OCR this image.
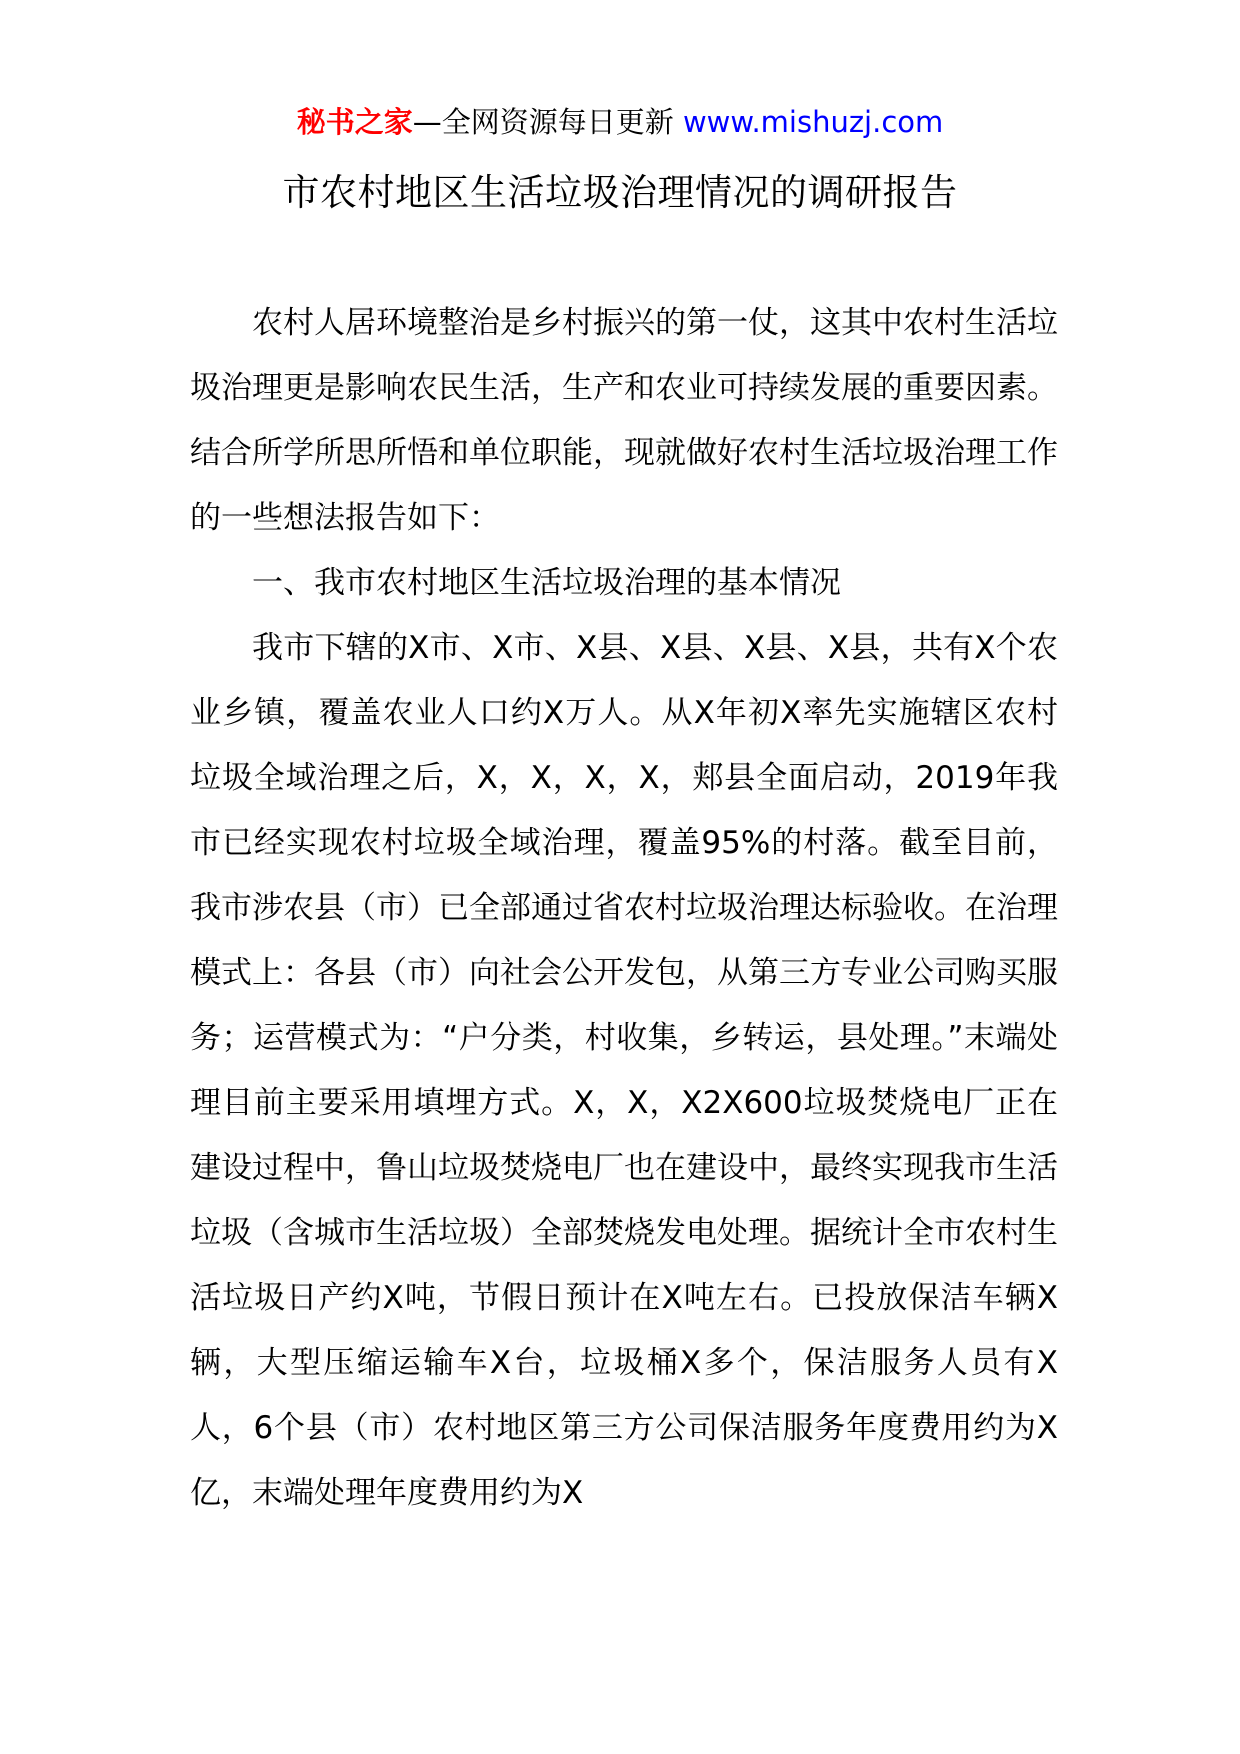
秘书之家—全网资源每日更新 www.mishuzj.com
市农村地区生活垃圾治理情况的调研报告

农村人居环境整治是乡村振兴的第一仗，这其中农村生活垃圾治理更是影响农民生活，生产和农业可持续发展的重要因素。结合所学所思所悟和单位职能，现就做好农村生活垃圾治理工作的一些想法报告如下：

一、我市农村地区生活垃圾治理的基本情况

我市下辖的X市、X市、X县、X县、X县、X县，共有X个农业乡镇，覆盖农业人口约X万人。从X年初X率先实施辖区农村垃圾全域治理之后，X，X，X，X，郏县全面启动，2019年我市已经实现农村垃圾全域治理，覆盖95%的村落。截至目前，我市涉农县（市）已全部通过省农村垃圾治理达标验收。在治理模式上：各县（市）向社会公开发包，从第三方专业公司购买服务；运营模式为：“户分类，村收集，乡转运，县处理。”末端处理目前主要采用填埋方式。X，X，X2X600垃圾焚烧电厂正在建设过程中，鲁山垃圾焚烧电厂也在建设中，最终实现我市生活垃圾（含城市生活垃圾）全部焚烧发电处理。据统计全市农村生活垃圾日产约X吨，节假日预计在X吨左右。已投放保洁车辆X辆，大型压缩运输车X台，垃圾桶X多个，保洁服务人员有X人，6个县（市）农村地区第三方公司保洁服务年度费用约为X亿，末端处理年度费用约为X
